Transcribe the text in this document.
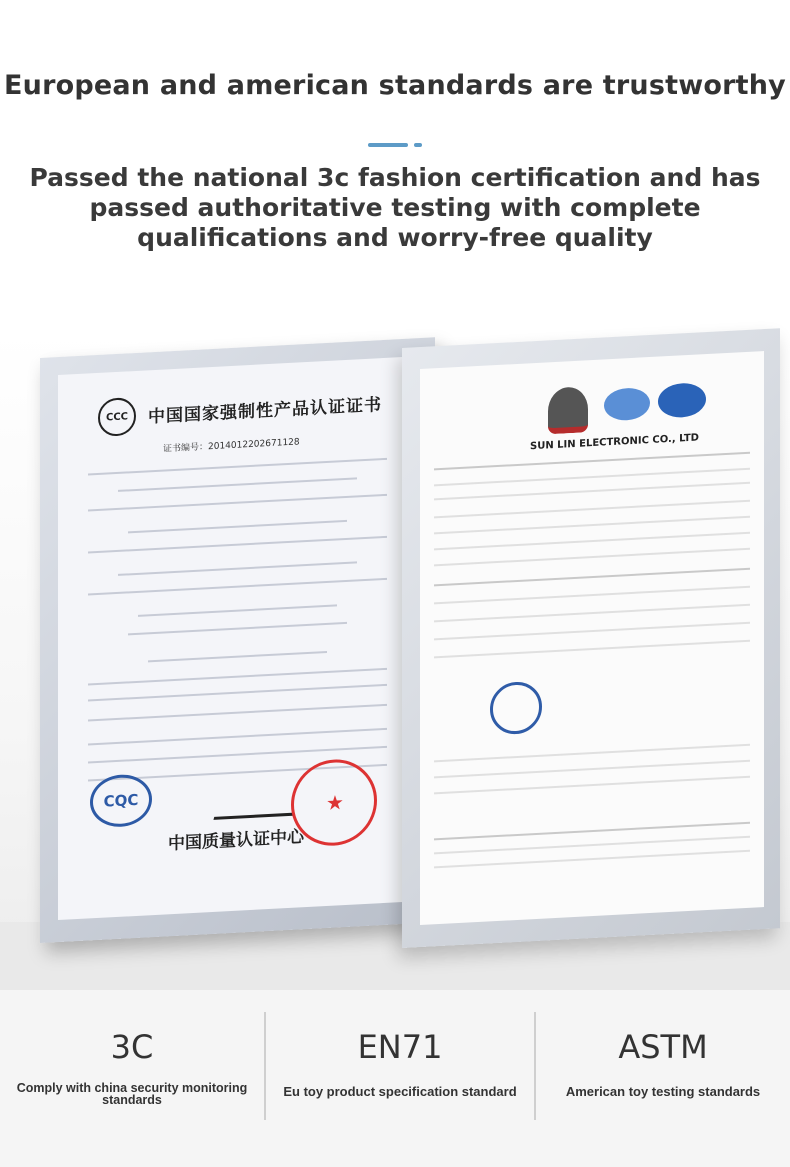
European and american standards are trustworthy
Passed the national 3c fashion certification and has passed authoritative testing with complete qualifications and worry-free quality
CCC	中国国家强制性产品认证证书
证书编号：2014012202671128
CQC
★
中国质量认证中心
SUN LIN ELECTRONIC CO., LTD
3C
Comply with china security monitoring standards
EN71
Eu toy product specification standard
ASTM
American toy testing standards
